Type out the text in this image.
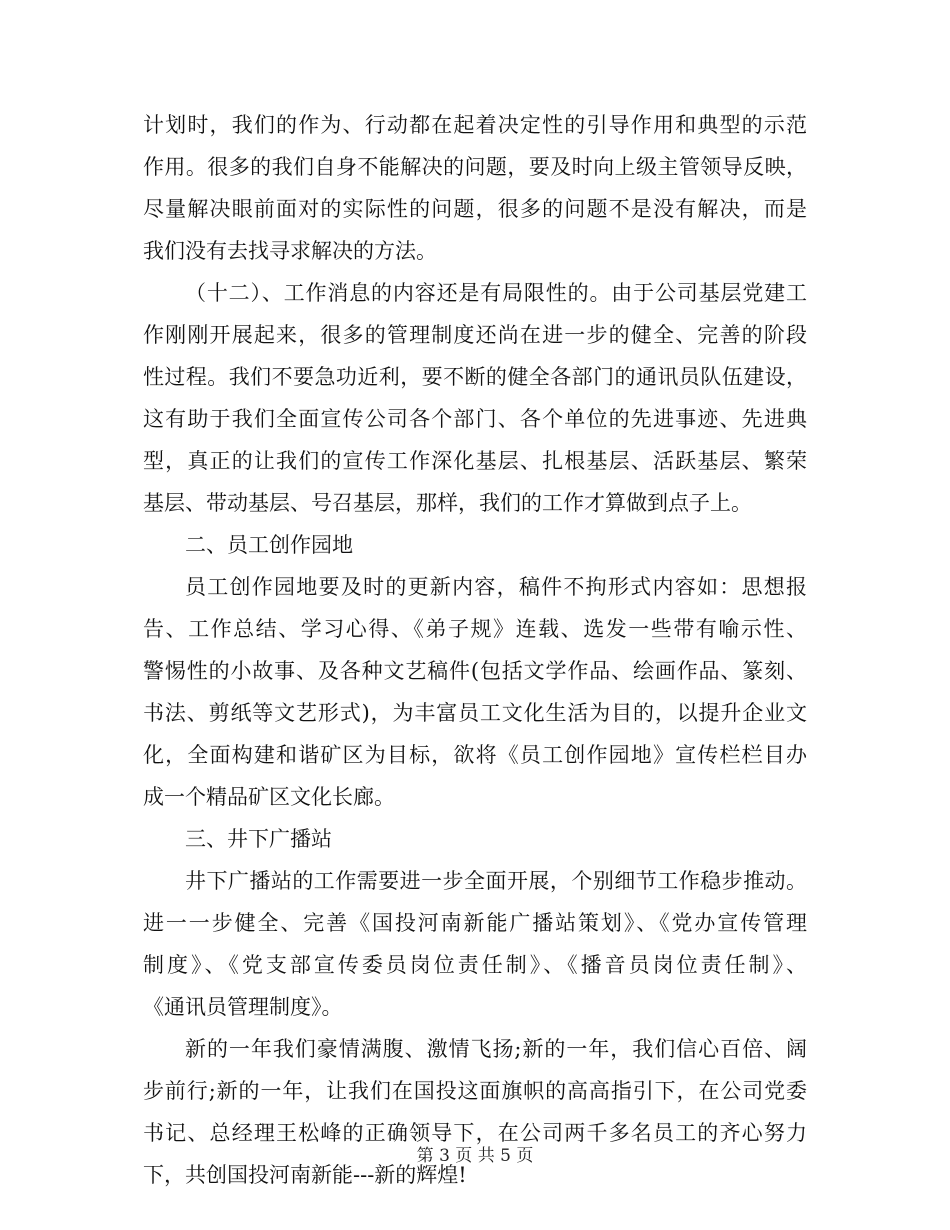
计划时，我们的作为、行动都在起着决定性的引导作用和典型的示范
作用。很多的我们自身不能解决的问题，要及时向上级主管领导反映，
尽量解决眼前面对的实际性的问题，很多的问题不是没有解决，而是
我们没有去找寻求解决的方法。
（十二）、工作消息的内容还是有局限性的。由于公司基层党建工
作刚刚开展起来，很多的管理制度还尚在进一步的健全、完善的阶段
性过程。我们不要急功近利，要不断的健全各部门的通讯员队伍建设，
这有助于我们全面宣传公司各个部门、各个单位的先进事迹、先进典
型，真正的让我们的宣传工作深化基层、扎根基层、活跃基层、繁荣
基层、带动基层、号召基层，那样，我们的工作才算做到点子上。
二、员工创作园地
员工创作园地要及时的更新内容，稿件不拘形式内容如：思想报
告、工作总结、学习心得、《弟子规》连载、选发一些带有喻示性、
警惕性的小故事、及各种文艺稿件(包括文学作品、绘画作品、篆刻、
书法、剪纸等文艺形式)，为丰富员工文化生活为目的，以提升企业文
化，全面构建和谐矿区为目标，欲将《员工创作园地》宣传栏栏目办
成一个精品矿区文化长廊。
三、井下广播站
井下广播站的工作需要进一步全面开展，个别细节工作稳步推动。
进一一步健全、完善《国投河南新能广播站策划》、《党办宣传管理
制度》、《党支部宣传委员岗位责任制》、《播音员岗位责任制》、
《通讯员管理制度》。
新的一年我们豪情满腹、激情飞扬;新的一年，我们信心百倍、阔
步前行;新的一年，让我们在国投这面旗帜的高高指引下，在公司党委
书记、总经理王松峰的正确领导下，在公司两千多名员工的齐心努力
下，共创国投河南新能---新的辉煌!
第 3 页 共 5 页
